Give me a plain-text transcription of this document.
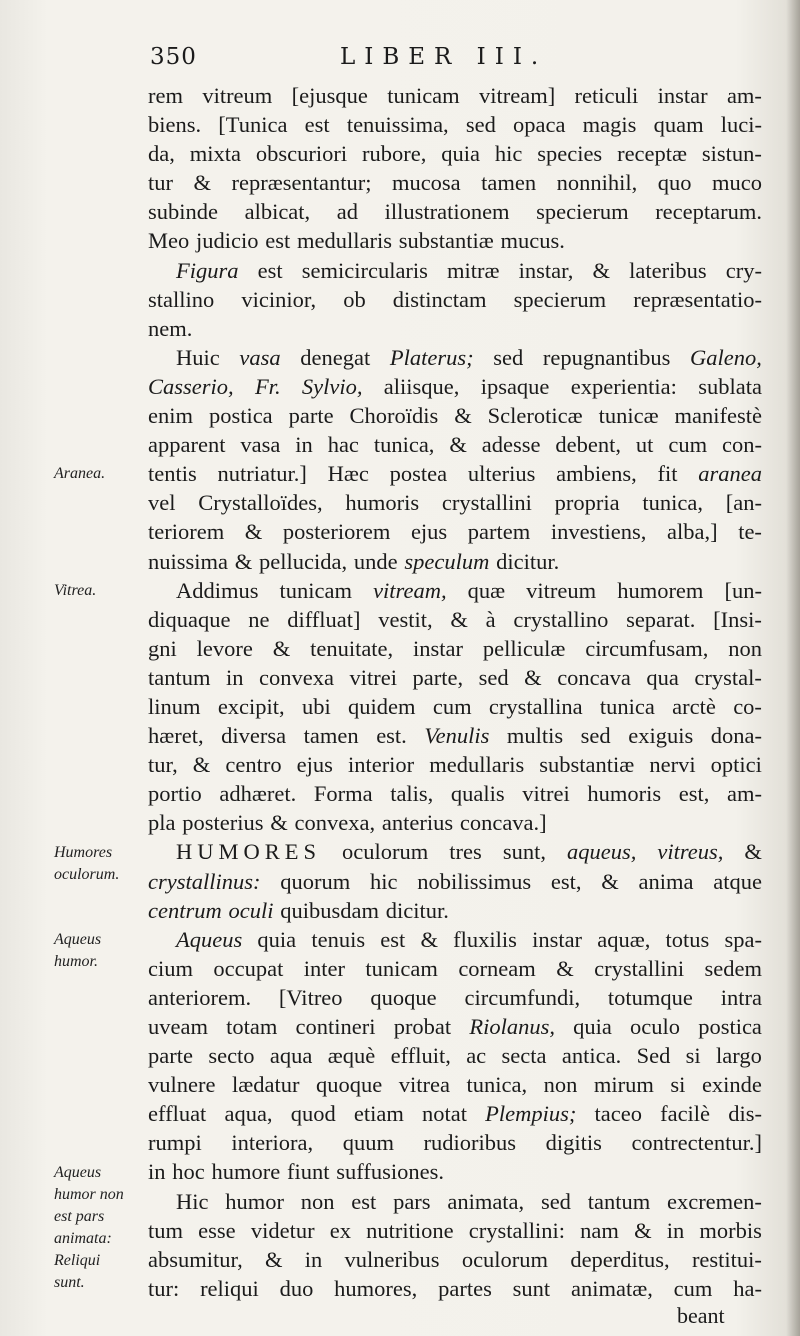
350	LIBER III.
Aranea.
Vitrea.
Humores
oculorum.
Aqueus
humor.
Aqueus
humor non
est pars
animata:
Reliqui
sunt.
rem vitreum [ejusque tunicam vitream] reticuli instar am-
biens. [Tunica est tenuissima, sed opaca magis quam luci-
da, mixta obscuriori rubore, quia hic species receptæ sistun-
tur & repræsentantur; mucosa tamen nonnihil, quo muco
subinde albicat, ad illustrationem specierum receptarum.
Meo judicio est medullaris substantiæ mucus.
Figura est semicircularis mitræ instar, & lateribus cry-
stallino vicinior, ob distinctam specierum repræsentatio-
nem.
Huic vasa denegat Platerus; sed repugnantibus Galeno,
Casserio, Fr. Sylvio, aliisque, ipsaque experientia: sublata
enim postica parte Choroïdis & Scleroticæ tunicæ manifestè
apparent vasa in hac tunica, & adesse debent, ut cum con-
tentis nutriatur.] Hæc postea ulterius ambiens, fit aranea
vel Crystalloïdes, humoris crystallini propria tunica, [an-
teriorem & posteriorem ejus partem investiens, alba,] te-
nuissima & pellucida, unde speculum dicitur.
Addimus tunicam vitream, quæ vitreum humorem [un-
diquaque ne diffluat] vestit, & à crystallino separat. [Insi-
gni levore & tenuitate, instar pelliculæ circumfusam, non
tantum in convexa vitrei parte, sed & concava qua crystal-
linum excipit, ubi quidem cum crystallina tunica arctè co-
hæret, diversa tamen est. Venulis multis sed exiguis dona-
tur, & centro ejus interior medullaris substantiæ nervi optici
portio adhæret. Forma talis, qualis vitrei humoris est, am-
pla posterius & convexa, anterius concava.]
HUMORES oculorum tres sunt, aqueus, vitreus, &
crystallinus: quorum hic nobilissimus est, & anima atque
centrum oculi quibusdam dicitur.
Aqueus quia tenuis est & fluxilis instar aquæ, totus spa-
cium occupat inter tunicam corneam & crystallini sedem
anteriorem. [Vitreo quoque circumfundi, totumque intra
uveam totam contineri probat Riolanus, quia oculo postica
parte secto aqua æquè effluit, ac secta antica. Sed si largo
vulnere lædatur quoque vitrea tunica, non mirum si exinde
effluat aqua, quod etiam notat Plempius; taceo facilè dis-
rumpi interiora, quum rudioribus digitis contrectentur.]
in hoc humore fiunt suffusiones.
Hic humor non est pars animata, sed tantum excremen-
tum esse videtur ex nutritione crystallini: nam & in morbis
absumitur, & in vulneribus oculorum deperditus, restitui-
tur: reliqui duo humores, partes sunt animatæ, cum ha-
beant
